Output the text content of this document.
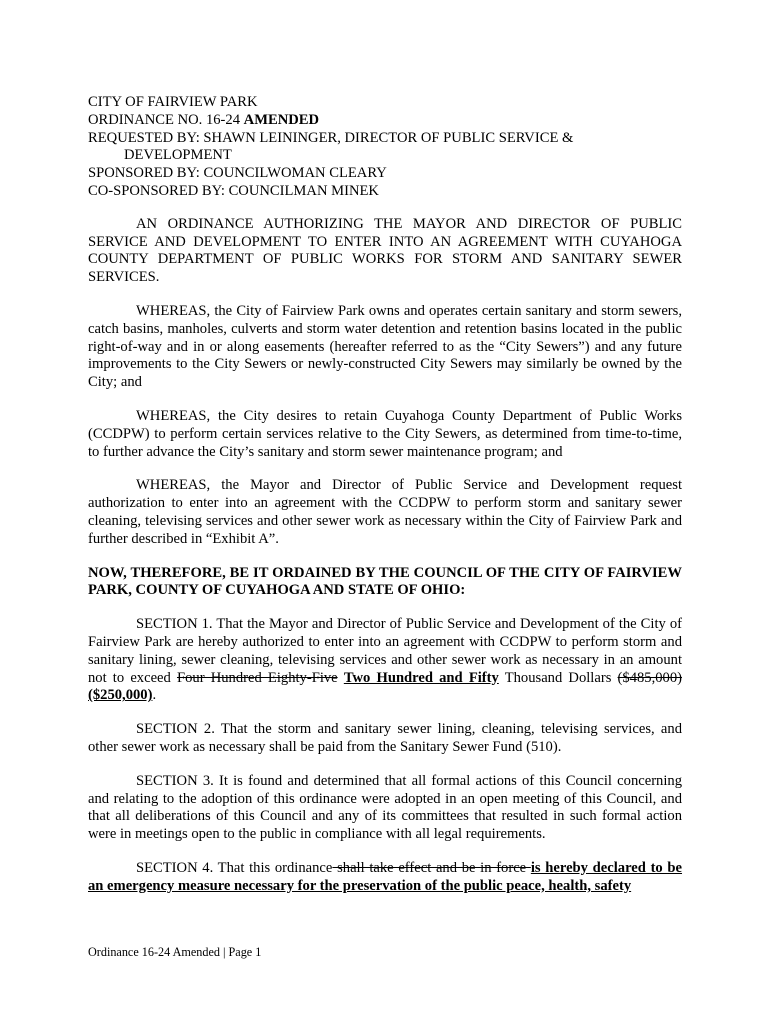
CITY OF FAIRVIEW PARK

ORDINANCE NO. 16-24 AMENDED

REQUESTED BY: SHAWN LEININGER, DIRECTOR OF PUBLIC SERVICE &

DEVELOPMENT

SPONSORED BY: COUNCILWOMAN CLEARY

CO-SPONSORED BY: COUNCILMAN MINEK

AN ORDINANCE AUTHORIZING THE MAYOR AND DIRECTOR OF PUBLIC SERVICE AND DEVELOPMENT TO ENTER INTO AN AGREEMENT WITH CUYAHOGA COUNTY DEPARTMENT OF PUBLIC WORKS FOR STORM AND SANITARY SEWER SERVICES.

WHEREAS, the City of Fairview Park owns and operates certain sanitary and storm sewers, catch basins, manholes, culverts and storm water detention and retention basins located in the public right-of-way and in or along easements (hereafter referred to as the “City Sewers”) and any future improvements to the City Sewers or newly-constructed City Sewers may similarly be owned by the City; and

WHEREAS, the City desires to retain Cuyahoga County Department of Public Works (CCDPW) to perform certain services relative to the City Sewers, as determined from time-to-time, to further advance the City’s sanitary and storm sewer maintenance program; and

WHEREAS, the Mayor and Director of Public Service and Development request authorization to enter into an agreement with the CCDPW to perform storm and sanitary sewer cleaning, televising services and other sewer work as necessary within the City of Fairview Park and further described in “Exhibit A”.

NOW, THEREFORE, BE IT ORDAINED BY THE COUNCIL OF THE CITY OF FAIRVIEW PARK, COUNTY OF CUYAHOGA AND STATE OF OHIO:

SECTION 1. That the Mayor and Director of Public Service and Development of the City of Fairview Park are hereby authorized to enter into an agreement with CCDPW to perform storm and sanitary lining, sewer cleaning, televising services and other sewer work as necessary in an amount not to exceed Four Hundred Eighty-Five Two Hundred and Fifty Thousand Dollars ($485,000) ($250,000).

SECTION 2. That the storm and sanitary sewer lining, cleaning, televising services, and other sewer work as necessary shall be paid from the Sanitary Sewer Fund (510).

SECTION 3. It is found and determined that all formal actions of this Council concerning and relating to the adoption of this ordinance were adopted in an open meeting of this Council, and that all deliberations of this Council and any of its committees that resulted in such formal action were in meetings open to the public in compliance with all legal requirements.

SECTION 4. That this ordinance shall take effect and be in force is hereby declared to be an emergency measure necessary for the preservation of the public peace, health, safety

Ordinance 16-24 Amended | Page 1
